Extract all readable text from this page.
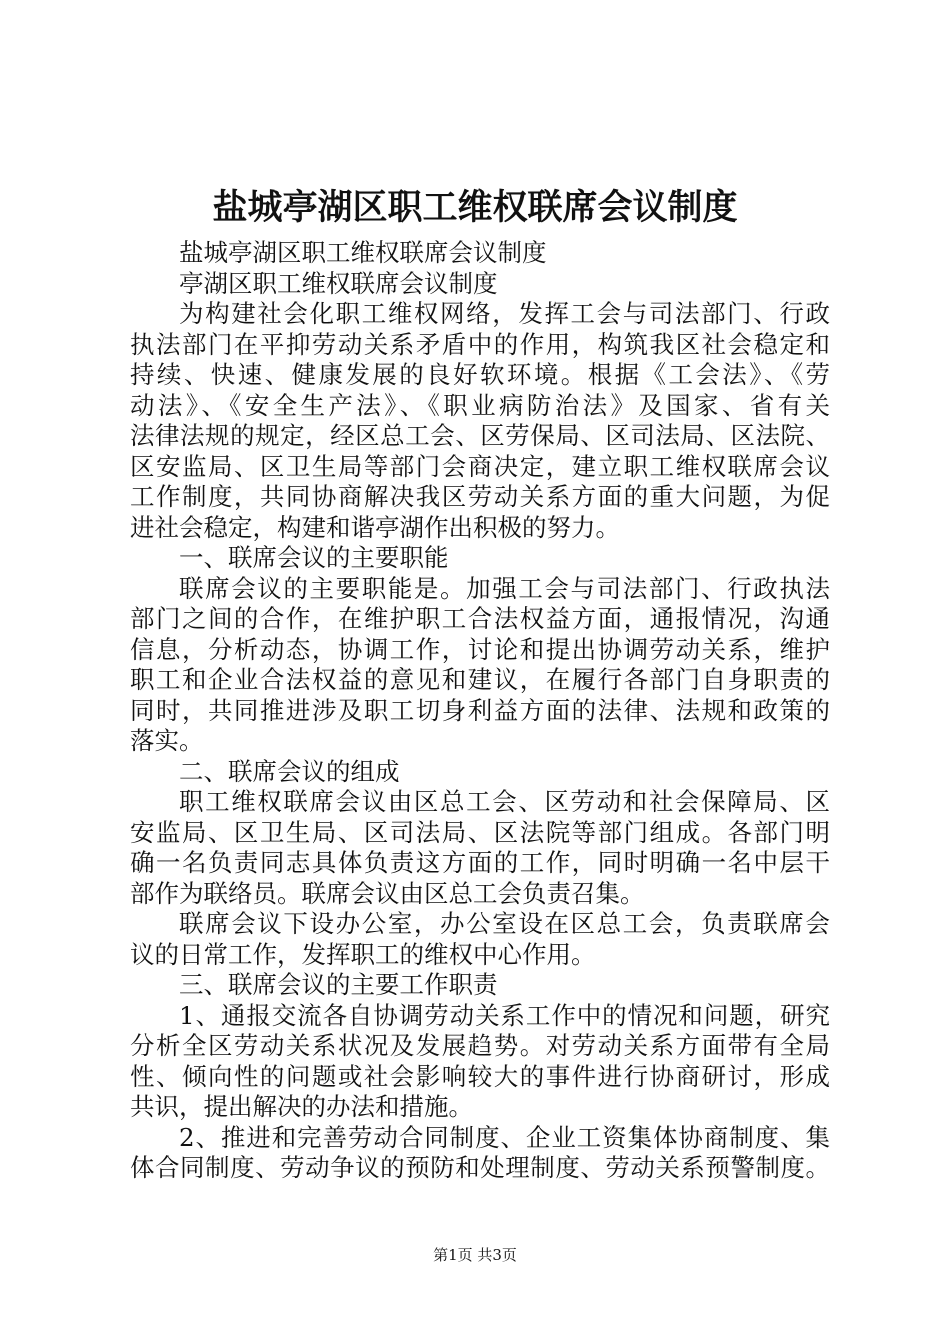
盐城亭湖区职工维权联席会议制度
盐城亭湖区职工维权联席会议制度
亭湖区职工维权联席会议制度
为构建社会化职工维权网络，发挥工会与司法部门、行政
执法部门在平抑劳动关系矛盾中的作用，构筑我区社会稳定和
持续、快速、健康发展的良好软环境。根据《工会法》、《劳
动法》、《安全生产法》、《职业病防治法》及国家、省有关
法律法规的规定，经区总工会、区劳保局、区司法局、区法院、
区安监局、区卫生局等部门会商决定，建立职工维权联席会议
工作制度，共同协商解决我区劳动关系方面的重大问题，为促
进社会稳定，构建和谐亭湖作出积极的努力。
一、联席会议的主要职能
联席会议的主要职能是。加强工会与司法部门、行政执法
部门之间的合作，在维护职工合法权益方面，通报情况，沟通
信息，分析动态，协调工作，讨论和提出协调劳动关系，维护
职工和企业合法权益的意见和建议，在履行各部门自身职责的
同时，共同推进涉及职工切身利益方面的法律、法规和政策的
落实。
二、联席会议的组成
职工维权联席会议由区总工会、区劳动和社会保障局、区
安监局、区卫生局、区司法局、区法院等部门组成。各部门明
确一名负责同志具体负责这方面的工作，同时明确一名中层干
部作为联络员。联席会议由区总工会负责召集。
联席会议下设办公室，办公室设在区总工会，负责联席会
议的日常工作，发挥职工的维权中心作用。
三、联席会议的主要工作职责
1、通报交流各自协调劳动关系工作中的情况和问题，研究
分析全区劳动关系状况及发展趋势。对劳动关系方面带有全局
性、倾向性的问题或社会影响较大的事件进行协商研讨，形成
共识，提出解决的办法和措施。
2、推进和完善劳动合同制度、企业工资集体协商制度、集
体合同制度、劳动争议的预防和处理制度、劳动关系预警制度。
第1页 共3页
